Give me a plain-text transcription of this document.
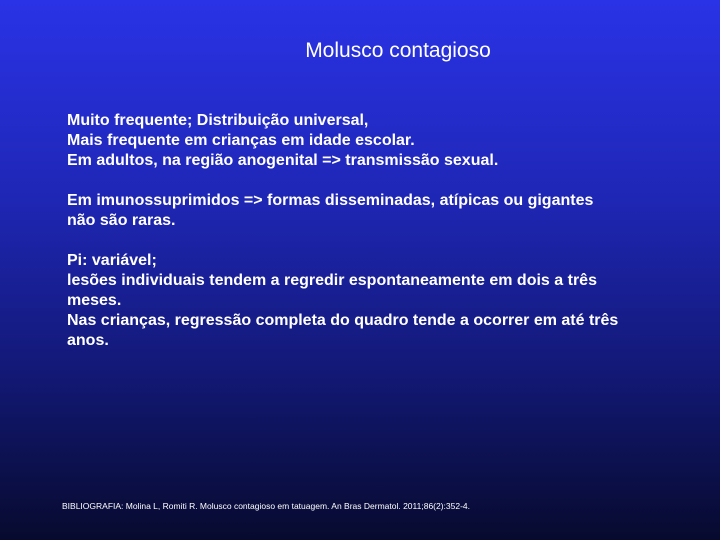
Molusco contagioso
Muito frequente; Distribuição universal,
Mais frequente em crianças em idade escolar.
Em adultos, na região anogenital => transmissão sexual.
Em imunossuprimidos => formas disseminadas, atípicas ou gigantes
não são raras.
Pi: variável;
lesões individuais tendem a regredir espontaneamente em dois a três
meses.
Nas crianças, regressão completa do quadro tende a ocorrer em até três
anos.
BIBLIOGRAFIA: Molina L, Romiti R. Molusco contagioso em tatuagem. An Bras Dermatol. 2011;86(2):352-4.
